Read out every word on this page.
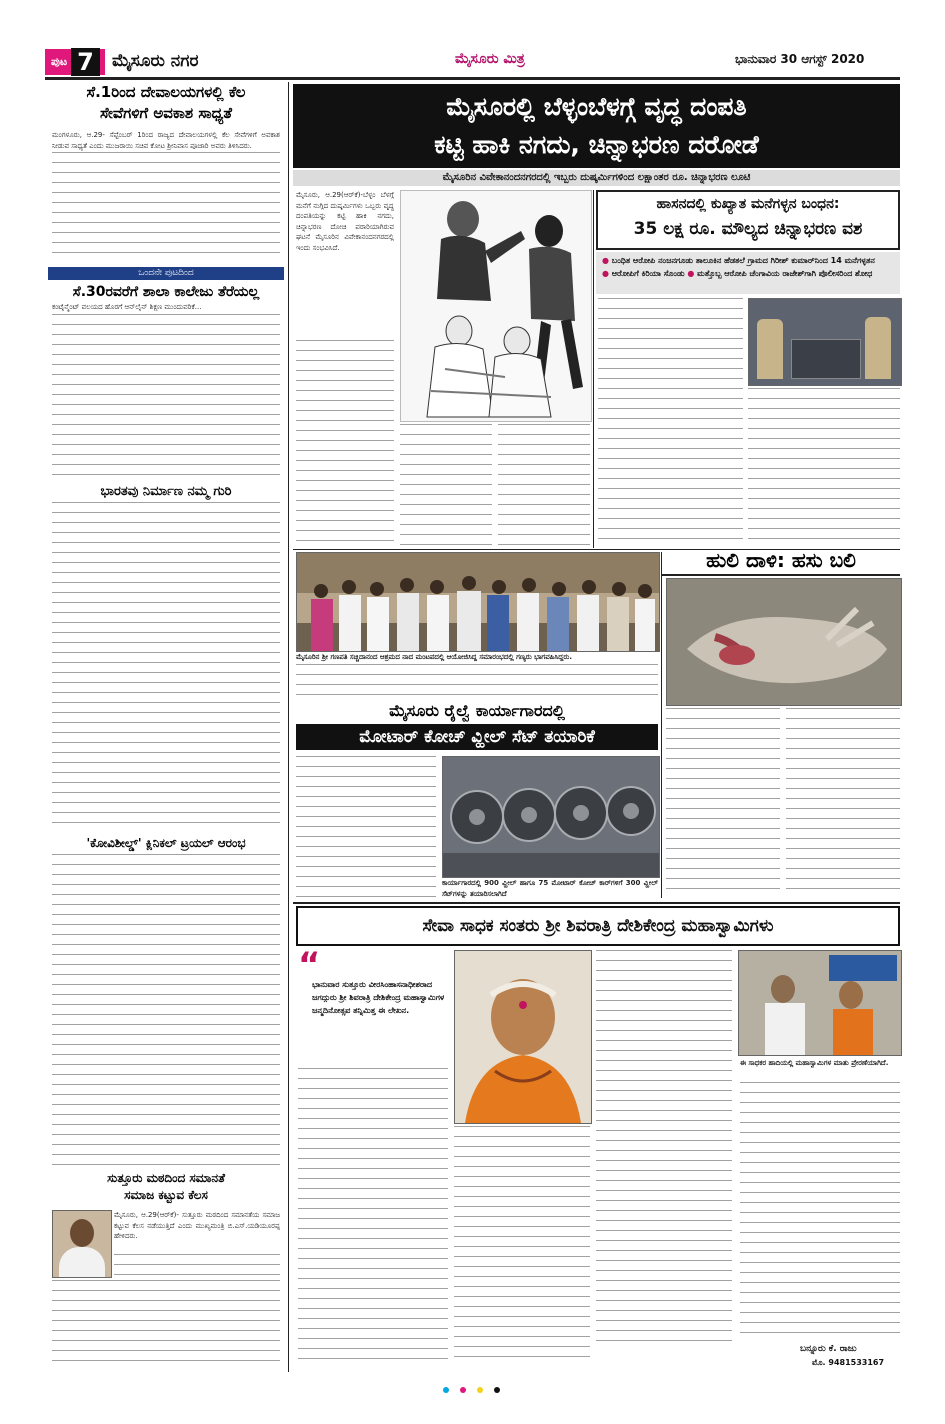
ಪುಟ 7	ಮೈಸೂರು ನಗರ	ಮೈಸೂರು ಮಿತ್ರ	ಭಾನುವಾರ 30 ಆಗಸ್ಟ್ 2020
ಸೆ.1ರಿಂದ ದೇವಾಲಯಗಳಲ್ಲಿ ಕೆಲ
ಸೇವೆಗಳಿಗೆ ಅವಕಾಶ ಸಾಧ್ಯತೆ
ಮಂಗಳೂರು, ಆ.29- ಸೆಪ್ಟೆಂಬರ್ 1ರಿಂದ ರಾಜ್ಯದ ದೇವಾಲಯಗಳಲ್ಲಿ ಕೆಲ ಸೇವೆಗಳಿಗೆ ಅವಕಾಶ ನೀಡುವ ಸಾಧ್ಯತೆ ಎಂದು ಮುಜರಾಯಿ ಸಚಿವ ಕೋಟ ಶ್ರೀನಿವಾಸ ಪೂಜಾರಿ ಅವರು ತಿಳಿಸಿದರು.
ಒಂದನೇ ಪುಟದಿಂದ
ಸೆ.30ರವರೆಗೆ ಶಾಲಾ ಕಾಲೇಜು ತೆರೆಯಲ್ಲ
ಕಂಟೈನ್ಮೆಂಟ್ ವಲಯದ ಹೊರಗೆ ಆನ್‌ಲೈನ್ ಶಿಕ್ಷಣ ಮುಂದುವರಿಕೆ...
ಭಾರತವು ನಿರ್ಮಾಣ ನಮ್ಮ ಗುರಿ
'ಕೋವಿಶೀಲ್ಡ್' ಕ್ಲಿನಿಕಲ್ ಟ್ರಯಲ್ ಆರಂಭ
ಸುತ್ತೂರು ಮಠದಿಂದ ಸಮಾನತೆ
ಸಮಾಜ ಕಟ್ಟುವ ಕೆಲಸ
ಮೈಸೂರು, ಆ.29(ಆರ್‌ಕೆ)- ಸುತ್ತೂರು ಮಠದಿಂದ ಸಮಾನತೆಯ ಸಮಾಜ ಕಟ್ಟುವ ಕೆಲಸ ನಡೆಯುತ್ತಿದೆ ಎಂದು ಮುಖ್ಯಮಂತ್ರಿ ಬಿ.ಎಸ್.ಯಡಿಯೂರಪ್ಪ ಹೇಳಿದರು.
ಮೈಸೂರಲ್ಲಿ ಬೆಳ್ಳಂಬೆಳಗ್ಗೆ ವೃದ್ಧ ದಂಪತಿ
ಕಟ್ಟಿ ಹಾಕಿ ನಗದು, ಚಿನ್ನಾಭರಣ ದರೋಡೆ
ಮೈಸೂರಿನ ವಿವೇಕಾನಂದನಗರದಲ್ಲಿ ಇಬ್ಬರು ದುಷ್ಕರ್ಮಿಗಳಿಂದ ಲಕ್ಷಾಂತರ ರೂ. ಚಿನ್ನಾಭರಣ ಲೂಟಿ
ಮೈಸೂರು, ಆ.29(ಆರ್‌ಕೆ)-ಬೆಳ್ಳಂ ಬೆಳಗ್ಗೆ ಮನೆಗೆ ನುಗ್ಗಿದ ದುಷ್ಕರ್ಮಿಗಳು ಒಬ್ಬರು ವೃದ್ಧ ದಂಪತಿಯನ್ನು ಕಟ್ಟಿ ಹಾಕಿ ನಗದು, ಚಿನ್ನಾಭರಣ ದೋಚಿ ಪರಾರಿಯಾಗಿರುವ ಘಟನೆ ಮೈಸೂರಿನ ವಿವೇಕಾನಂದನಗರದಲ್ಲಿ ಇಂದು ಸಂಭವಿಸಿದೆ.
ಹಾಸನದಲ್ಲಿ ಕುಖ್ಯಾತ ಮನೆಗಳ್ಳನ ಬಂಧನ:
35 ಲಕ್ಷ ರೂ. ಮೌಲ್ಯದ ಚಿನ್ನಾಭರಣ ವಶ
● ಬಂಧಿತ ಆರೋಪಿ ನಂಜನಗೂಡು ತಾಲೂಕಿನ ಹೆಡತಲೆ ಗ್ರಾಮದ ಗಿರೀಶ್ ಕುಮಾರ್‌ನಿಂದ 14 ಮನೆಗಳ್ಳತನ
● ಆರೋಪಿಗೆ ಕಿರಿಯಾ ಸೊಂಡು ● ಮತ್ತೊಬ್ಬ ಆರೋಪಿ ಚೆಂಗಾವಿಯ ರಾಜೇಶ್‌ಗಾಗಿ ಪೊಲೀಸರಿಂದ ಶೋಧ
ಮೈಸೂರಿನ ಶ್ರೀ ಗಣಪತಿ ಸಚ್ಚಿದಾನಂದ ಆಶ್ರಮದ ನಾದ ಮಂಟಪದಲ್ಲಿ ಆಯೋಜಿಸಿದ್ದ ಸಮಾರಂಭದಲ್ಲಿ ಗಣ್ಯರು ಭಾಗವಹಿಸಿದ್ದರು.
ಹುಲಿ ದಾಳಿ: ಹಸು ಬಲಿ
ಮೈಸೂರು ರೈಲ್ವೆ ಕಾರ್ಯಾಗಾರದಲ್ಲಿ
ಮೋಟಾರ್ ಕೋಚ್ ವ್ಹೀಲ್ ಸೆಟ್ ತಯಾರಿಕೆ
ಕಾರ್ಯಾಗಾರದಲ್ಲಿ 900 ವ್ಹೀಲ್ ಹಾಗೂ 75 ಮೋಟಾರ್ ಕೋಚ್ ಕಾರ್‌ಗಳಿಗೆ 300 ವ್ಹೀಲ್ ಸೆಟ್‌ಗಳನ್ನು ತಯಾರಿಸಲಾಗಿದೆ
ಸೇವಾ ಸಾಧಕ ಸಂತರು ಶ್ರೀ ಶಿವರಾತ್ರಿ ದೇಶಿಕೇಂದ್ರ ಮಹಾಸ್ವಾಮಿಗಳು
“
ಭಾನುವಾರ ಸುತ್ತೂರು ವೀರಸಿಂಹಾಸನಾಧೀಶರಾದ ಜಗದ್ಗುರು ಶ್ರೀ ಶಿವರಾತ್ರಿ ದೇಶಿಕೇಂದ್ರ ಮಹಾಸ್ವಾಮಿಗಳ ಜನ್ಮದಿನೋತ್ಸವ ತನ್ನಿಮಿತ್ತ ಈ ಲೇಖನ.
ಈ ಸಾಧಕರ ಹಾದಿಯಲ್ಲಿ ಮಹಾಸ್ವಾಮಿಗಳ ಮಾತು ಪ್ರೇರಣೆಯಾಗಿದೆ.
ಬನ್ನೂರು ಕೆ. ರಾಜು
ಮೊ. 9481533167
